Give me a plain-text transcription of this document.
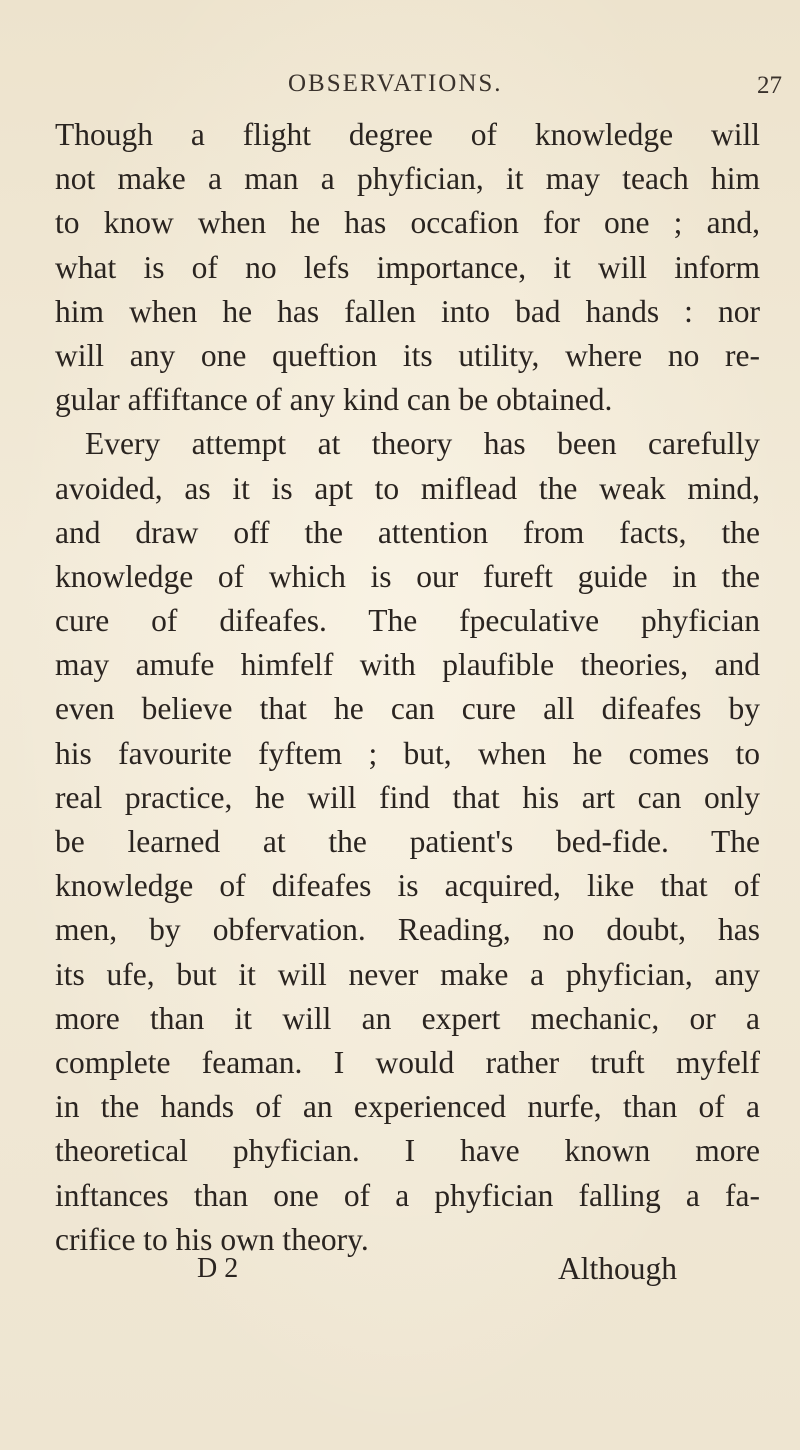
OBSERVATIONS.	27
Though a flight degree of knowledge will
not make a man a phyfician, it may teach him
to know when he has occafion for one ; and,
what is of no lefs importance, it will inform
him when he has fallen into bad hands : nor
will any one queftion its utility, where no re-
gular affiftance of any kind can be obtained.
Every attempt at theory has been carefully
avoided, as it is apt to miflead the weak mind,
and draw off the attention from facts, the
knowledge of which is our fureft guide in the
cure of difeafes. The fpeculative phyfician
may amufe himfelf with plaufible theories, and
even believe that he can cure all difeafes by
his favourite fyftem ; but, when he comes to
real practice, he will find that his art can only
be learned at the patient's bed-fide. The
knowledge of difeafes is acquired, like that of
men, by obfervation. Reading, no doubt, has
its ufe, but it will never make a phyfician, any
more than it will an expert mechanic, or a
complete feaman. I would rather truft myfelf
in the hands of an experienced nurfe, than of a
theoretical phyfician. I have known more
inftances than one of a phyfician falling a fa-
crifice to his own theory.
D 2	Although
